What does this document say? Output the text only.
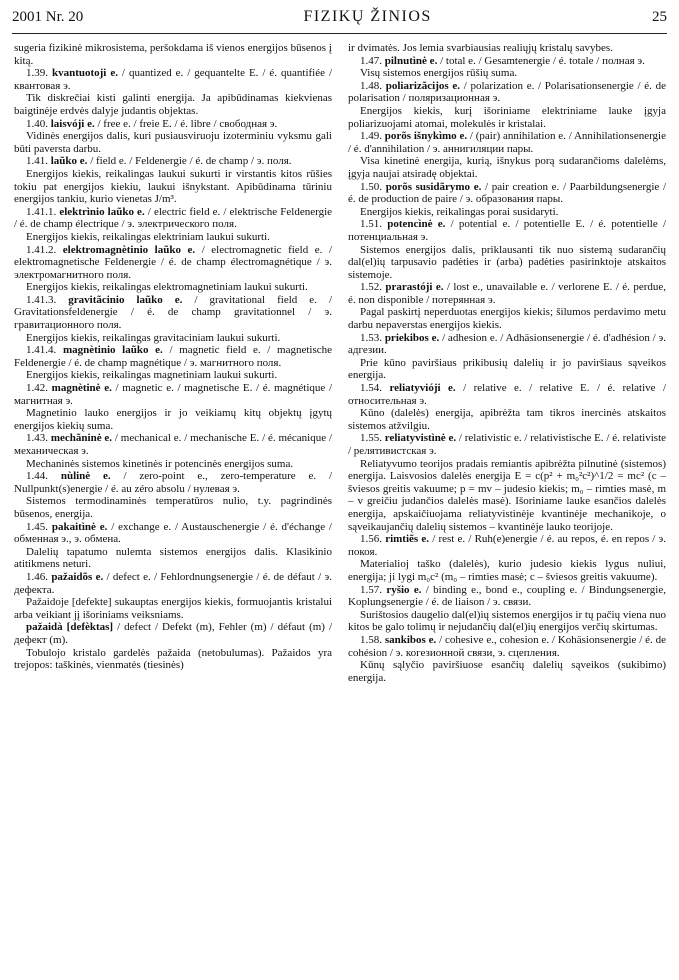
2001 Nr. 20	FIZIKŲ ŽINIOS	25

sugeria fizikinė mikrosistema, peršokdama iš vienos energijos būsenos į kitą.

1.39. kvantuotoji e. / quantized e. / gequantelte E. / é. quantifiée / квантовая э.

Tik diskrečiai kisti galinti energija. Ja apibūdinamas kiekvienas baigtinėje erdvės dalyje judantis objektas.

1.40. laisvóji e. / free e. / freie E. / é. libre / свободная э.

Vidinės energijos dalis, kuri pusiausviruoju izoterminiu vyksmu gali būti paversta darbu.

1.41. laũko e. / field e. / Feldenergie / é. de champ / э. поля.

Energijos kiekis, reikalingas laukui sukurti ir virstantis kitos rūšies tokiu pat energijos kiekiu, laukui išnykstant. Apibūdinama tūriniu energijos tankiu, kurio vienetas J/m³.

1.41.1. elektrìnio laũko e. / electric field e. / elektrische Feldenergie / é. de champ électrique / э. электрического поля.

Energijos kiekis, reikalingas elektriniam laukui sukurti.

1.41.2. elektromagnètinio laũko e. / electromagnetic field e. / elektromagnetische Feldenergie / é. de champ électromagnétique / э. электромагнитного поля.

Energijos kiekis, reikalingas elektromagnetiniam laukui sukurti.

1.41.3. gravitãcinio laũko e. / gravitational field e. / Gravitationsfeldenergie / é. de champ gravitationnel / э. гравитационного поля.

Energijos kiekis, reikalingas gravitaciniam laukui sukurti.

1.41.4. magnètinio laũko e. / magnetic field e. / magnetische Feldenergie / é. de champ magnétique / э. магнитного поля.

Energijos kiekis, reikalingas magnetiniam laukui sukurti.

1.42. magnètinė e. / magnetic e. / magnetische E. / é. magnétique / магнитная э.

Magnetinio lauko energijos ir jo veikiamų kitų objektų įgytų energijos kiekių suma.

1.43. mechãninė e. / mechanical e. / mechanische E. / é. mécanique / механическая э.

Mechaninės sistemos kinetinės ir potencinės energijos suma.

1.44. nùlinė e. / zero-point e., zero-temperature e. / Nullpunkt(s)energie / é. au zéro absolu / нулевая э.

Sistemos termodinaminės temperatūros nulio, t.y. pagrindinės būsenos, energija.

1.45. pakaitìnė e. / exchange e. / Austauschenergie / é. d'échange / обменная э., э. обмена.

Dalelių tapatumo nulemta sistemos energijos dalis. Klasikinio atitikmens neturi.

1.46. pažaidõs e. / defect e. / Fehlordnungsenergie / é. de défaut / э. дефекта.

Pažaidoje [defekte] sukauptas energijos kiekis, formuojantis kristalui arba veikiant jį išoriniams veiksniams.

pažaidà [defèktas] / defect / Defekt (m), Fehler (m) / défaut (m) / дефект (m).

Tobulojo kristalo gardelės pažaida (netobulumas). Pažaidos yra trejopos: taškinės, vienmatės (tiesinės)

ir dvimatės. Jos lemia svarbiausias realiųjų kristalų savybes.

1.47. pilnutìnė e. / total e. / Gesamtenergie / é. totale / полная э.

Visų sistemos energijos rūšių suma.

1.48. poliarizãcijos e. / polarization e. / Polarisationsenergie / é. de polarisation / поляризационная э.

Energijos kiekis, kurį išoriniame elektriniame lauke įgyja poliarizuojami atomai, molekulės ir kristalai.

1.49. porõs išnykìmo e. / (pair) annihilation e. / Annihilationsenergie / é. d'annihilation / э. аннигиляции пары.

Visa kinetinė energija, kurią, išnykus porą sudarančioms dalelėms, įgyja naujai atsiradę objektai.

1.50. porõs susidãrymo e. / pair creation e. / Paarbildungsenergie / é. de production de paire / э. образования пары.

Energijos kiekis, reikalingas porai susidaryti.

1.51. potencìnė e. / potential e. / potentielle E. / é. potentielle / потенциальная э.

Sistemos energijos dalis, priklausanti tik nuo sistemą sudarančių dal(el)ių tarpusavio padėties ir (arba) padėties pasirinktoje atskaitos sistemoje.

1.52. prarastóji e. / lost e., unavailable e. / verlorene E. / é. perdue, é. non disponible / потерянная э.

Pagal paskirtį neperduotas energijos kiekis; šilumos perdavimo metu darbu nepaverstas energijos kiekis.

1.53. priekibos e. / adhesion e. / Adhäsionsenergie / é. d'adhésion / э. адгезии.

Prie kūno paviršiaus prikibusių dalelių ir jo paviršiaus sąveikos energija.

1.54. reliatyvióji e. / relative e. / relative E. / é. relative / относительная э.

Kūno (dalelės) energija, apibrėžta tam tikros inercinės atskaitos sistemos atžvilgiu.

1.55. reliatyvistìnė e. / relativistic e. / relativistische E. / é. relativiste / релятивистская э.

Reliatyvumo teorijos pradais remiantis apibrėžta pilnutinė (sistemos) energija. Laisvosios dalelės energija E = c(p² + m₀²c²)^1/2 = mc² (c – šviesos greitis vakuume; p = mv – judesio kiekis; m₀ – rimties masė, m – v greičiu judančios dalelės masė). Išoriniame lauke esančios dalelės energija, apskaičiuojama reliatyvistinėje kvantinėje mechanikoje, o sąveikaujančių dalelių sistemos – kvantinėje lauko teorijoje.

1.56. rimtiẽs e. / rest e. / Ruh(e)energie / é. au repos, é. en repos / э. покоя.

Materialioj taško (dalelės), kurio judesio kiekis lygus nuliui, energija; ji lygi m₀c² (m₀ – rimties masė; c – šviesos greitis vakuume).

1.57. ryšio e. / binding e., bond e., coupling e. / Bindungsenergie, Koplungsenergie / é. de liaison / э. связи.

Surištosios daugelio dal(el)ių sistemos energijos ir tų pačių viena nuo kitos be galo tolimų ir nejudančių dal(el)ių energijos verčių skirtumas.

1.58. sankibos e. / cohesive e., cohesion e. / Kohäsionsenergie / é. de cohésion / э. когезионной связи, э. сцепления.

Kūnų sąlyčio paviršiuose esančių dalelių sąveikos (sukibimo) energija.
